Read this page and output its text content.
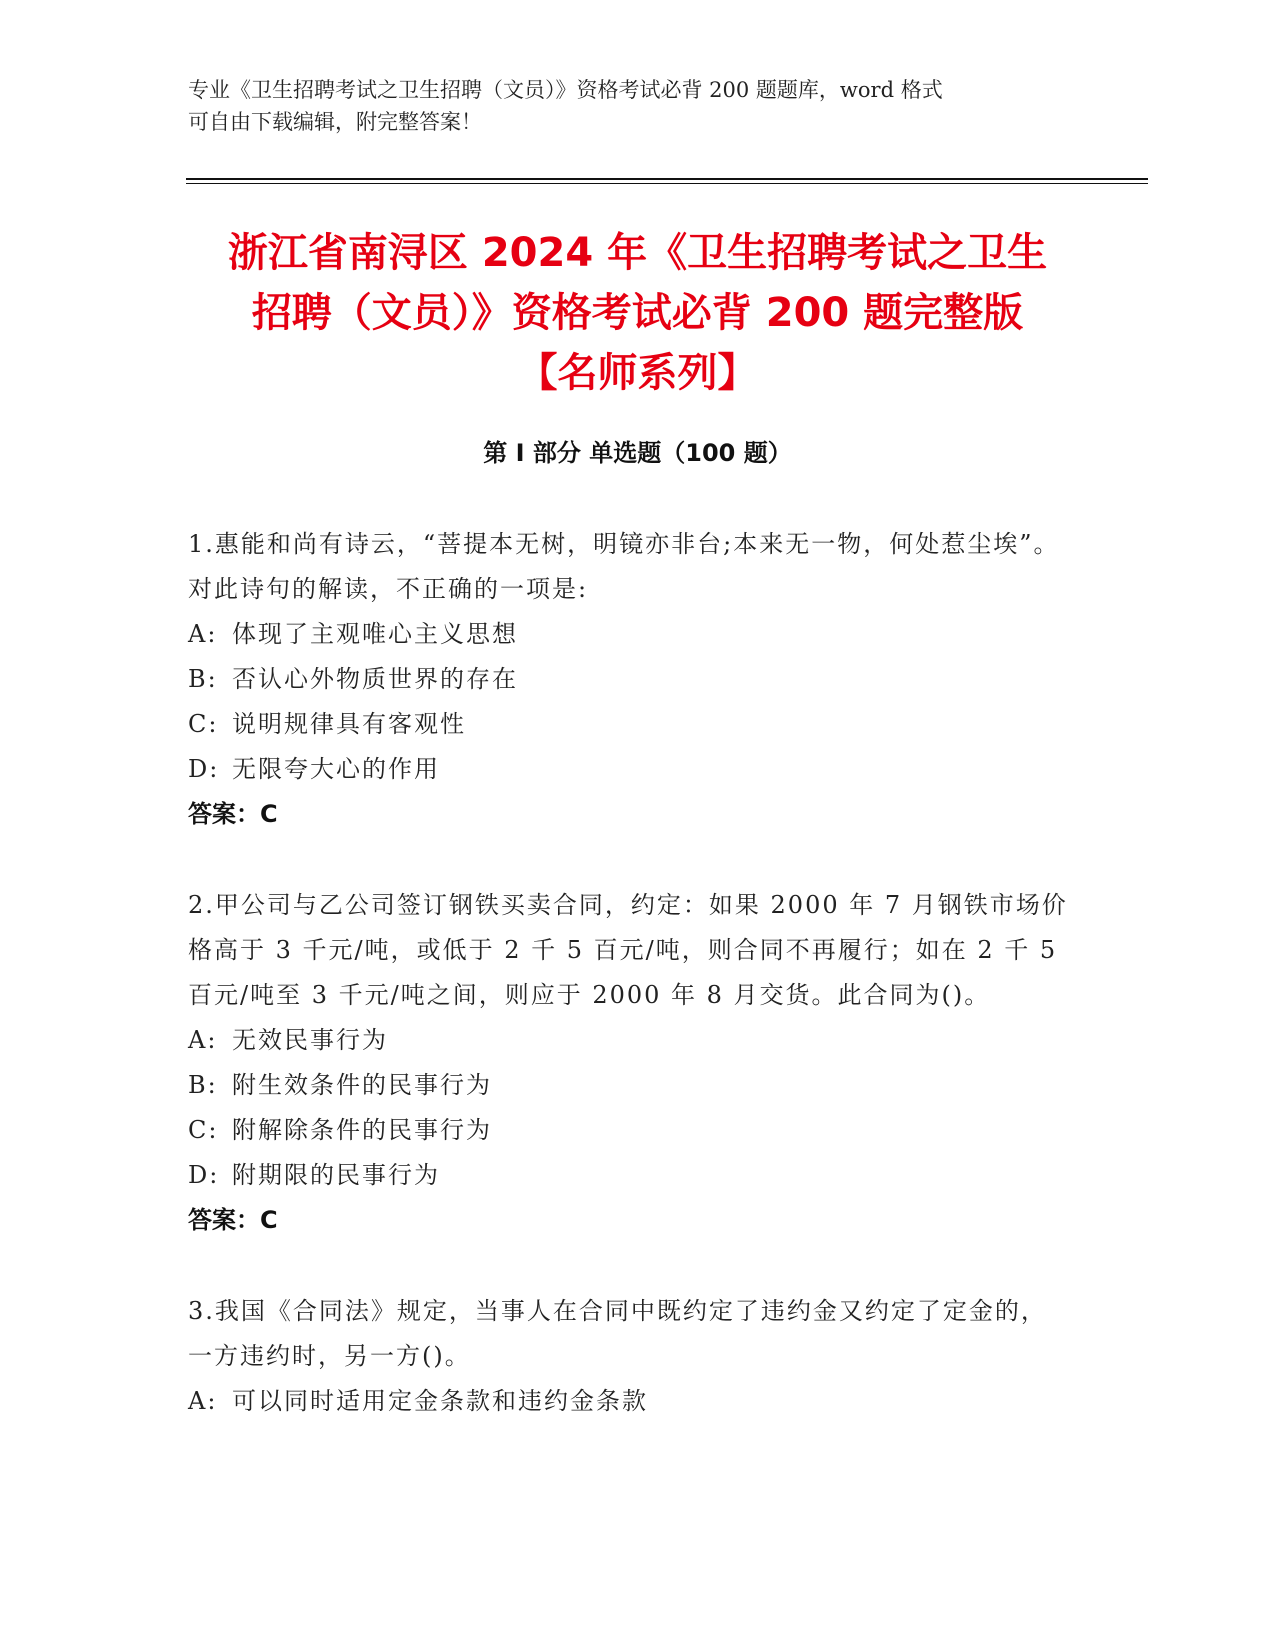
专业《卫生招聘考试之卫生招聘（文员）》资格考试必背 200 题题库，word 格式
可自由下载编辑，附完整答案！
浙江省南浔区 2024 年《卫生招聘考试之卫生
招聘（文员）》资格考试必背 200 题完整版
【名师系列】
第 I 部分 单选题（100 题）
1.惠能和尚有诗云，“菩提本无树，明镜亦非台;本来无一物，何处惹尘埃”。对此诗句的解读，不正确的一项是:
A: 体现了主观唯心主义思想
B: 否认心外物质世界的存在
C: 说明规律具有客观性
D: 无限夸大心的作用
答案：C
2.甲公司与乙公司签订钢铁买卖合同，约定：如果 2000 年 7 月钢铁市场价格高于 3 千元/吨，或低于 2 千 5 百元/吨，则合同不再履行；如在 2 千 5 百元/吨至 3 千元/吨之间，则应于 2000 年 8 月交货。此合同为()。
A: 无效民事行为
B: 附生效条件的民事行为
C: 附解除条件的民事行为
D: 附期限的民事行为
答案：C
3.我国《合同法》规定，当事人在合同中既约定了违约金又约定了定金的，一方违约时，另一方()。
A: 可以同时适用定金条款和违约金条款
